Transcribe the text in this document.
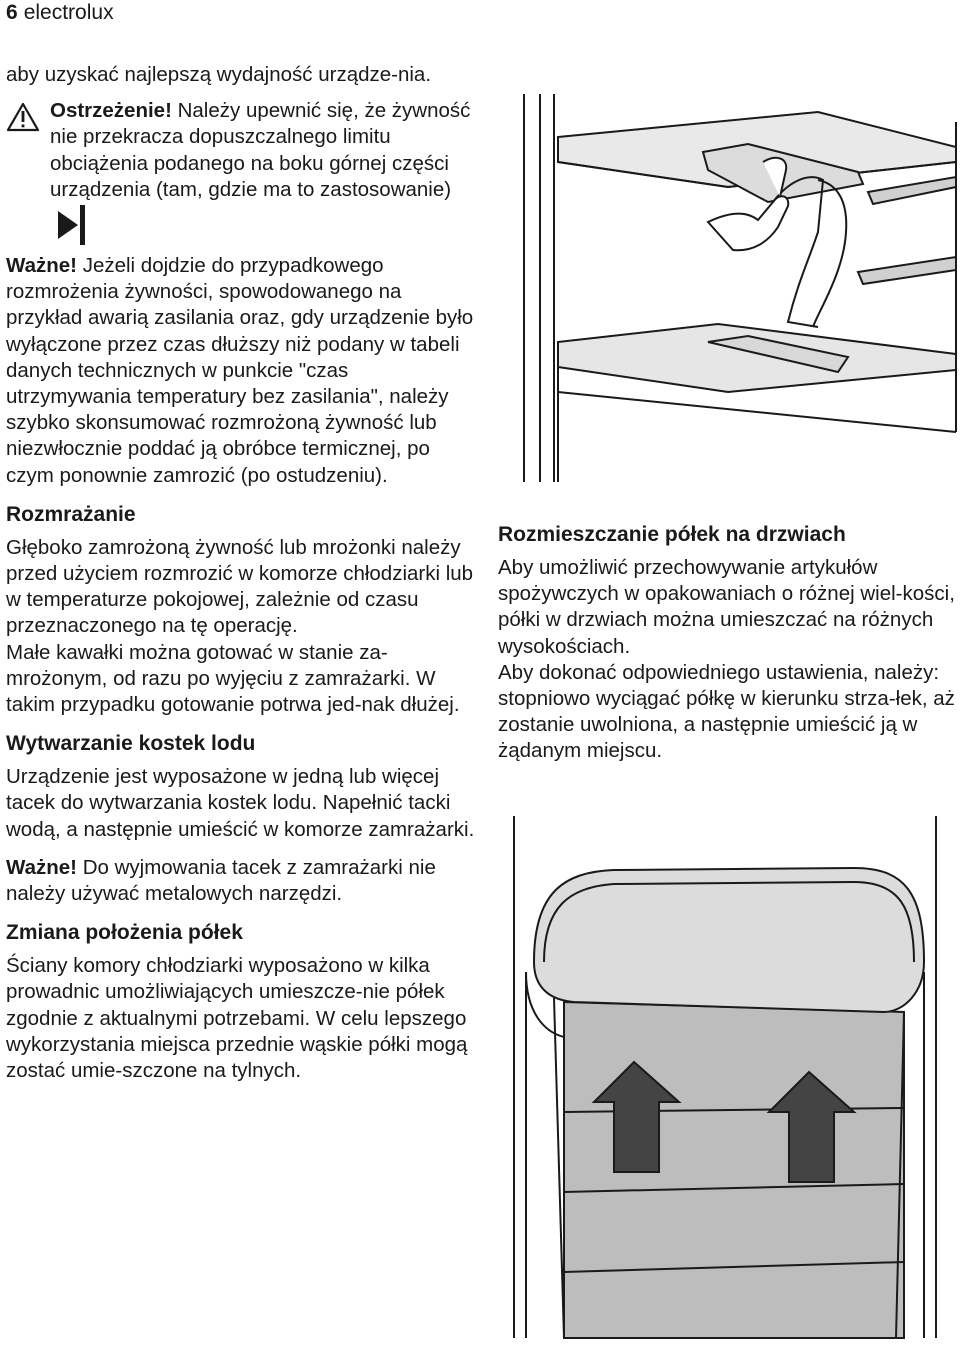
6 electrolux

aby uzyskać najlepszą wydajność urządze-nia.

Ostrzeżenie! Należy upewnić się, że żywność nie przekracza dopuszczalnego limitu obciążenia podanego na boku górnej części urządzenia (tam, gdzie ma to zastosowanie)

Ważne! Jeżeli dojdzie do przypadkowego rozmrożenia żywności, spowodowanego na przykład awarią zasilania oraz, gdy urządzenie było wyłączone przez czas dłuższy niż podany w tabeli danych technicznych w punkcie "czas utrzymywania temperatury bez zasilania", należy szybko skonsumować rozmrożoną żywność lub niezwłocznie poddać ją obróbce termicznej, po czym ponownie zamrozić (po ostudzeniu).

Rozmrażanie

Głęboko zamrożoną żywność lub mrożonki należy przed użyciem rozmrozić w komorze chłodziarki lub w temperaturze pokojowej, zależnie od czasu przeznaczonego na tę operację.

Małe kawałki można gotować w stanie za-mrożonym, od razu po wyjęciu z zamrażarki. W takim przypadku gotowanie potrwa jed-nak dłużej.

Wytwarzanie kostek lodu

Urządzenie jest wyposażone w jedną lub więcej tacek do wytwarzania kostek lodu. Napełnić tacki wodą, a następnie umieścić w komorze zamrażarki.

Ważne! Do wyjmowania tacek z zamrażarki nie należy używać metalowych narzędzi.

Zmiana położenia półek

Ściany komory chłodziarki wyposażono w kilka prowadnic umożliwiających umieszcze-nie półek zgodnie z aktualnymi potrzebami. W celu lepszego wykorzystania miejsca przednie wąskie półki mogą zostać umie-szczone na tylnych.

Rozmieszczanie półek na drzwiach

Aby umożliwić przechowywanie artykułów spożywczych w opakowaniach o różnej wiel-kości, półki w drzwiach można umieszczać na różnych wysokościach.

Aby dokonać odpowiedniego ustawienia, należy:

stopniowo wyciągać półkę w kierunku strza-łek, aż zostanie uwolniona, a następnie umieścić ją w żądanym miejscu.
